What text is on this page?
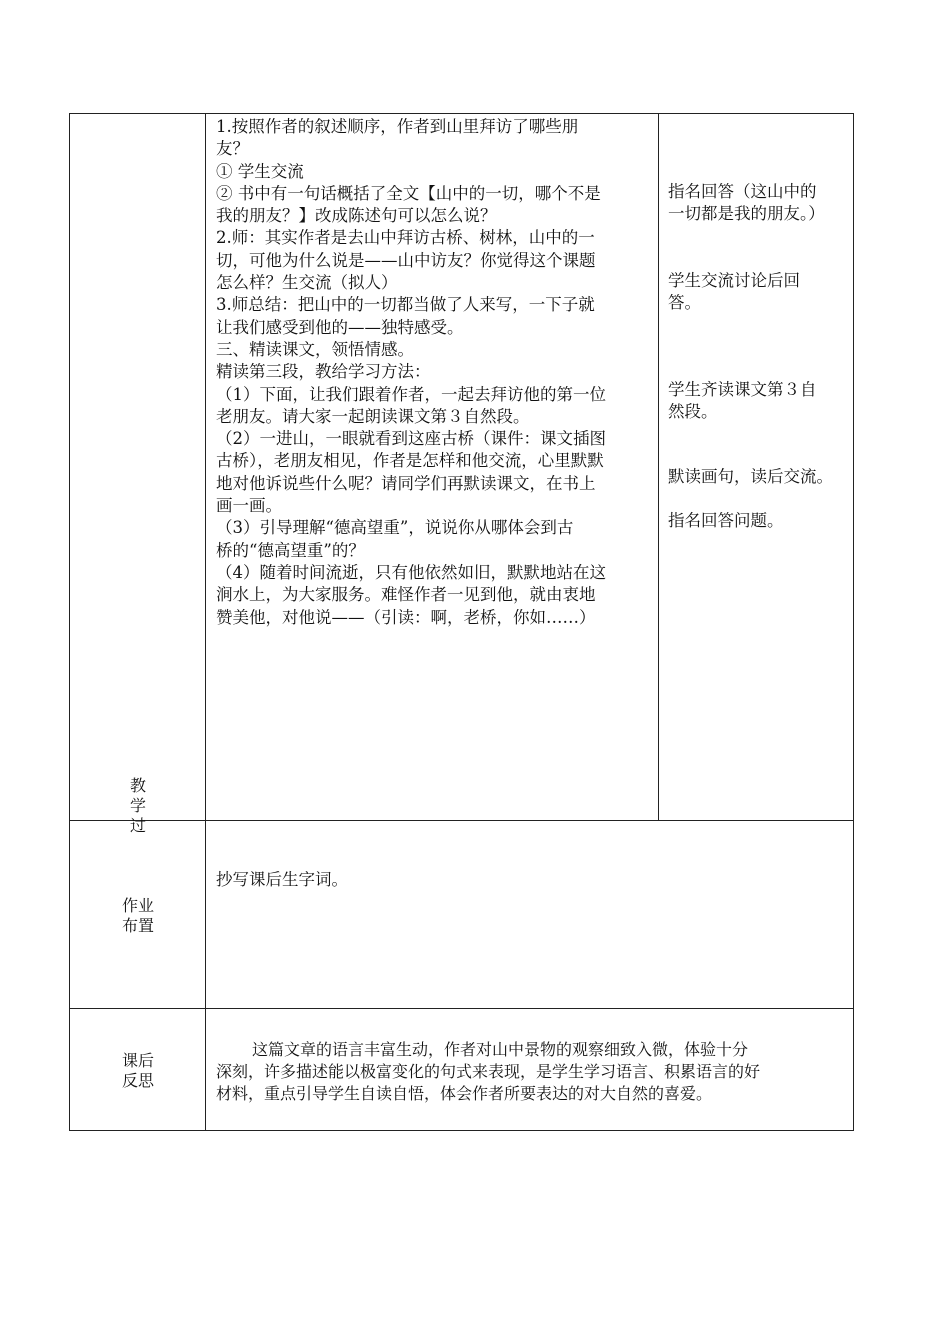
教
学
过

1.按照作者的叙述顺序，作者到山里拜访了哪些朋

友？

① 学生交流

② 书中有一句话概括了全文【山中的一切，哪个不是

我的朋友？】改成陈述句可以怎么说？

2.师：其实作者是去山中拜访古桥、树林，山中的一

切，可他为什么说是——山中访友？你觉得这个课题

怎么样？生交流（拟人）

3.师总结：把山中的一切都当做了人来写，一下子就

让我们感受到他的——独特感受。

三、精读课文，领悟情感。

精读第三段，教给学习方法：

（1）下面，让我们跟着作者，一起去拜访他的第一位

老朋友。请大家一起朗读课文第３自然段。

（2）一进山，一眼就看到这座古桥（课件：课文插图

古桥），老朋友相见，作者是怎样和他交流，心里默默

地对他诉说些什么呢？请同学们再默读课文，在书上

画一画。

（3）引导理解“德高望重”，说说你从哪体会到古

桥的“德高望重”的？

（4）随着时间流逝，只有他依然如旧，默默地站在这

涧水上，为大家服务。难怪作者一见到他，就由衷地

赞美他，对他说——（引读：啊，老桥，你如……）

指名回答（这山中的

一切都是我的朋友。）

学生交流讨论后回

答。

学生齐读课文第３自

然段。

默读画句，读后交流。

指名回答问题。

作业
布置

抄写课后生字词。

课后
反思

这篇文章的语言丰富生动，作者对山中景物的观察细致入微，体验十分

深刻，许多描述能以极富变化的句式来表现，是学生学习语言、积累语言的好

材料，重点引导学生自读自悟，体会作者所要表达的对大自然的喜爱。
